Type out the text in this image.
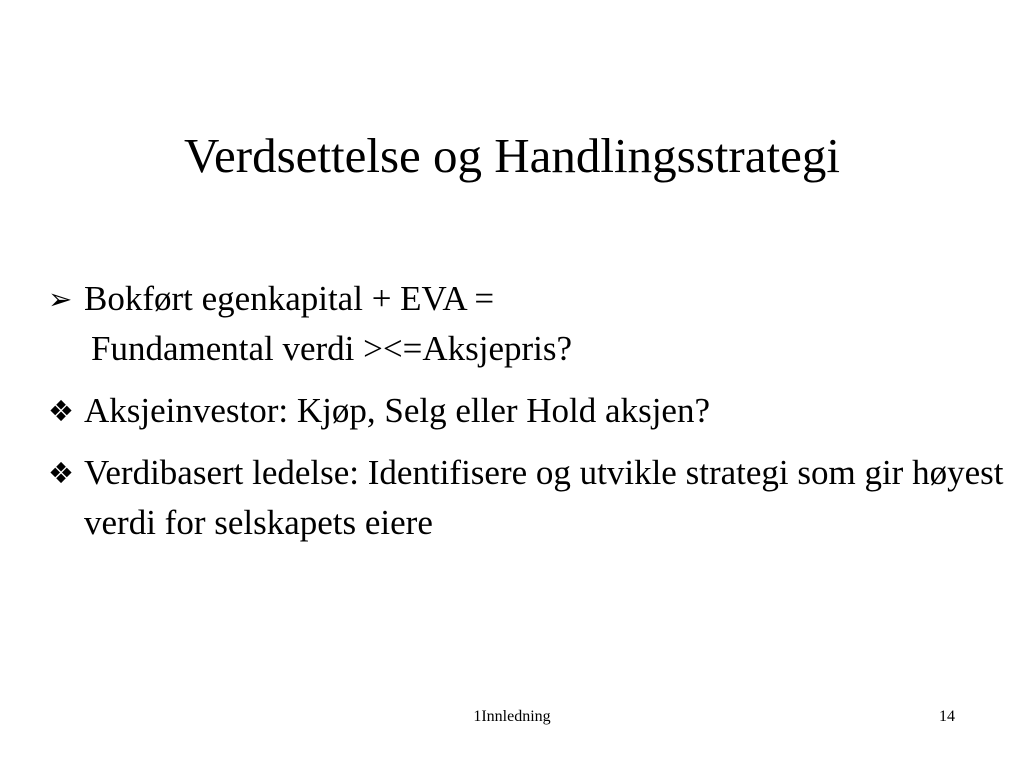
Verdsettelse og Handlingsstrategi
➢ Bokført egenkapital + EVA =
Fundamental verdi ><=Aksjepris?
❖ Aksjeinvestor: Kjøp, Selg eller Hold aksjen?
❖ Verdibasert ledelse: Identifisere og utvikle strategi som gir høyest verdi for selskapets eiere
1Innledning	14
